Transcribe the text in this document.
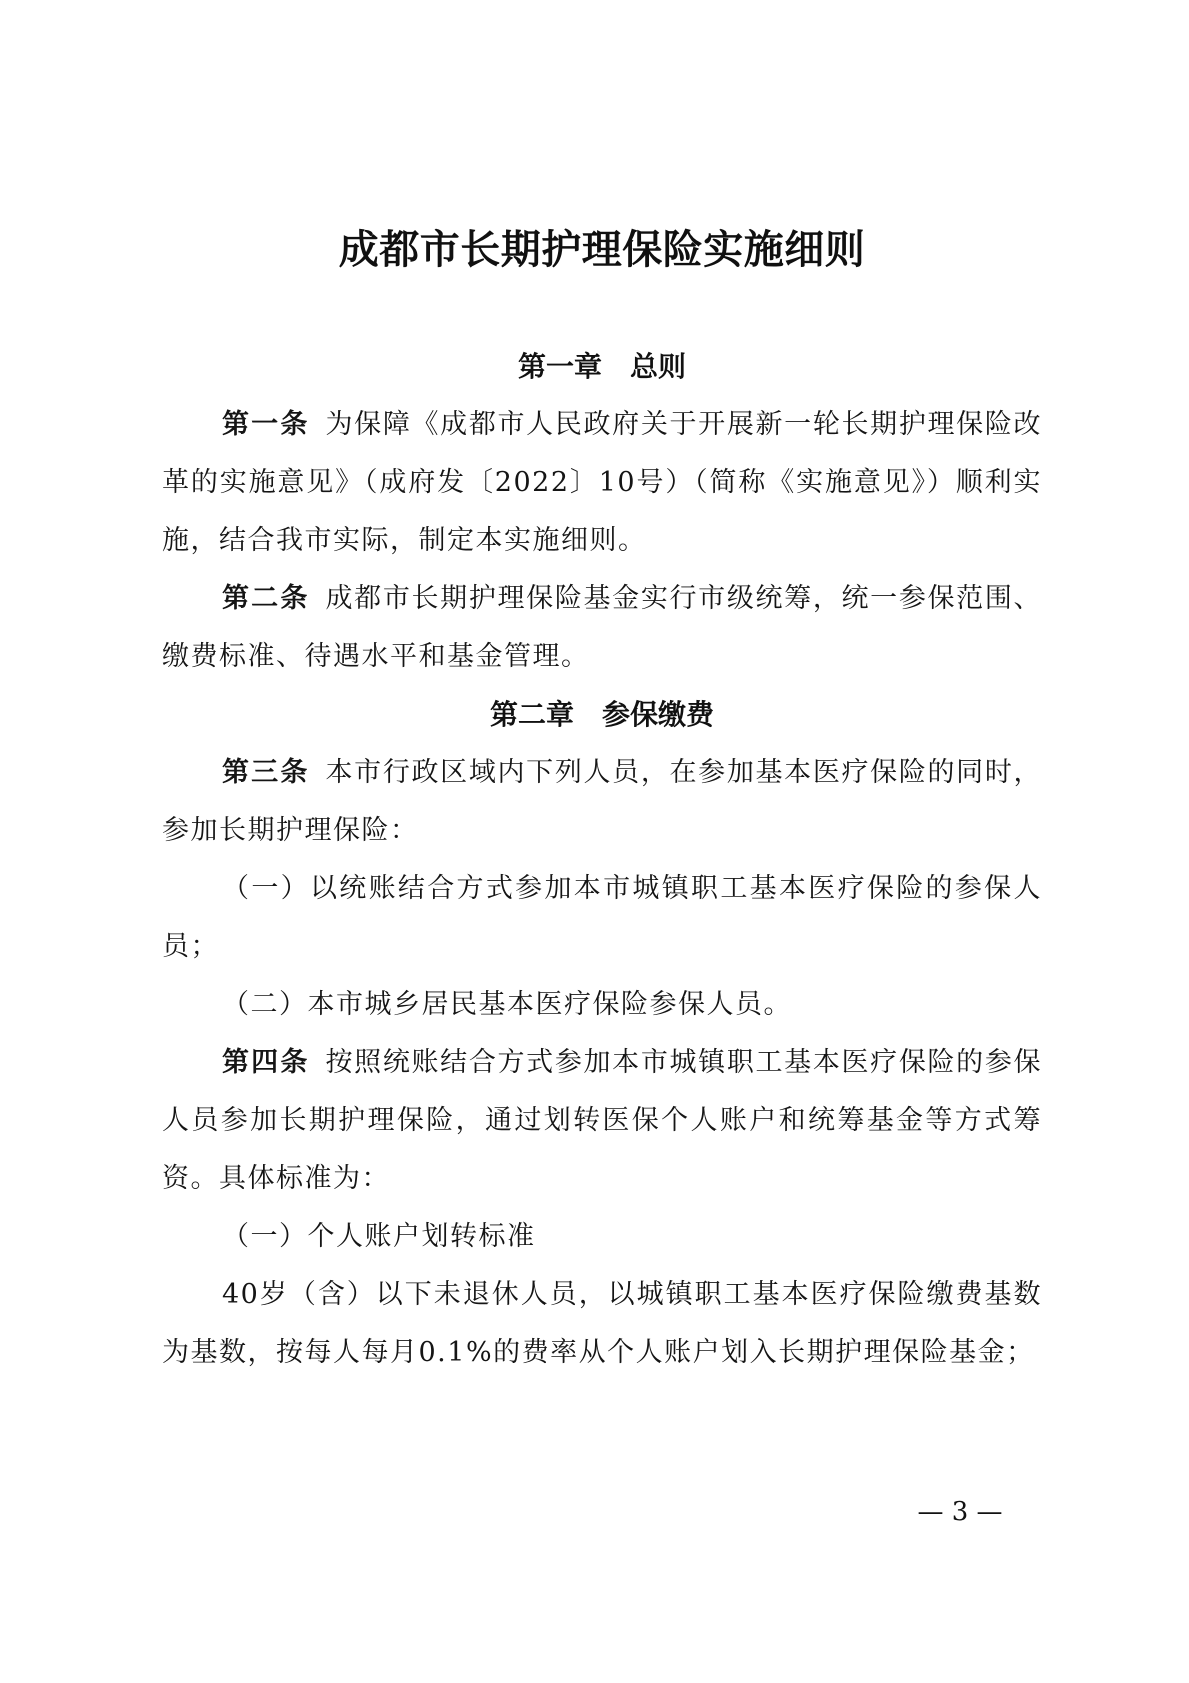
成都市长期护理保险实施细则
第一章　总则

第一条 为保障《成都市人民政府关于开展新一轮长期护理保险改革的实施意见》（成府发〔2022〕10号）（简称《实施意见》）顺利实施，结合我市实际，制定本实施细则。

第二条 成都市长期护理保险基金实行市级统筹，统一参保范围、缴费标准、待遇水平和基金管理。

第二章　参保缴费

第三条 本市行政区域内下列人员，在参加基本医疗保险的同时，参加长期护理保险：

（一）以统账结合方式参加本市城镇职工基本医疗保险的参保人员；

（二）本市城乡居民基本医疗保险参保人员。

第四条 按照统账结合方式参加本市城镇职工基本医疗保险的参保人员参加长期护理保险，通过划转医保个人账户和统筹基金等方式筹资。具体标准为：

（一）个人账户划转标准

40岁（含）以下未退休人员，以城镇职工基本医疗保险缴费基数为基数，按每人每月0.1%的费率从个人账户划入长期护理保险基金；

— 3 —
